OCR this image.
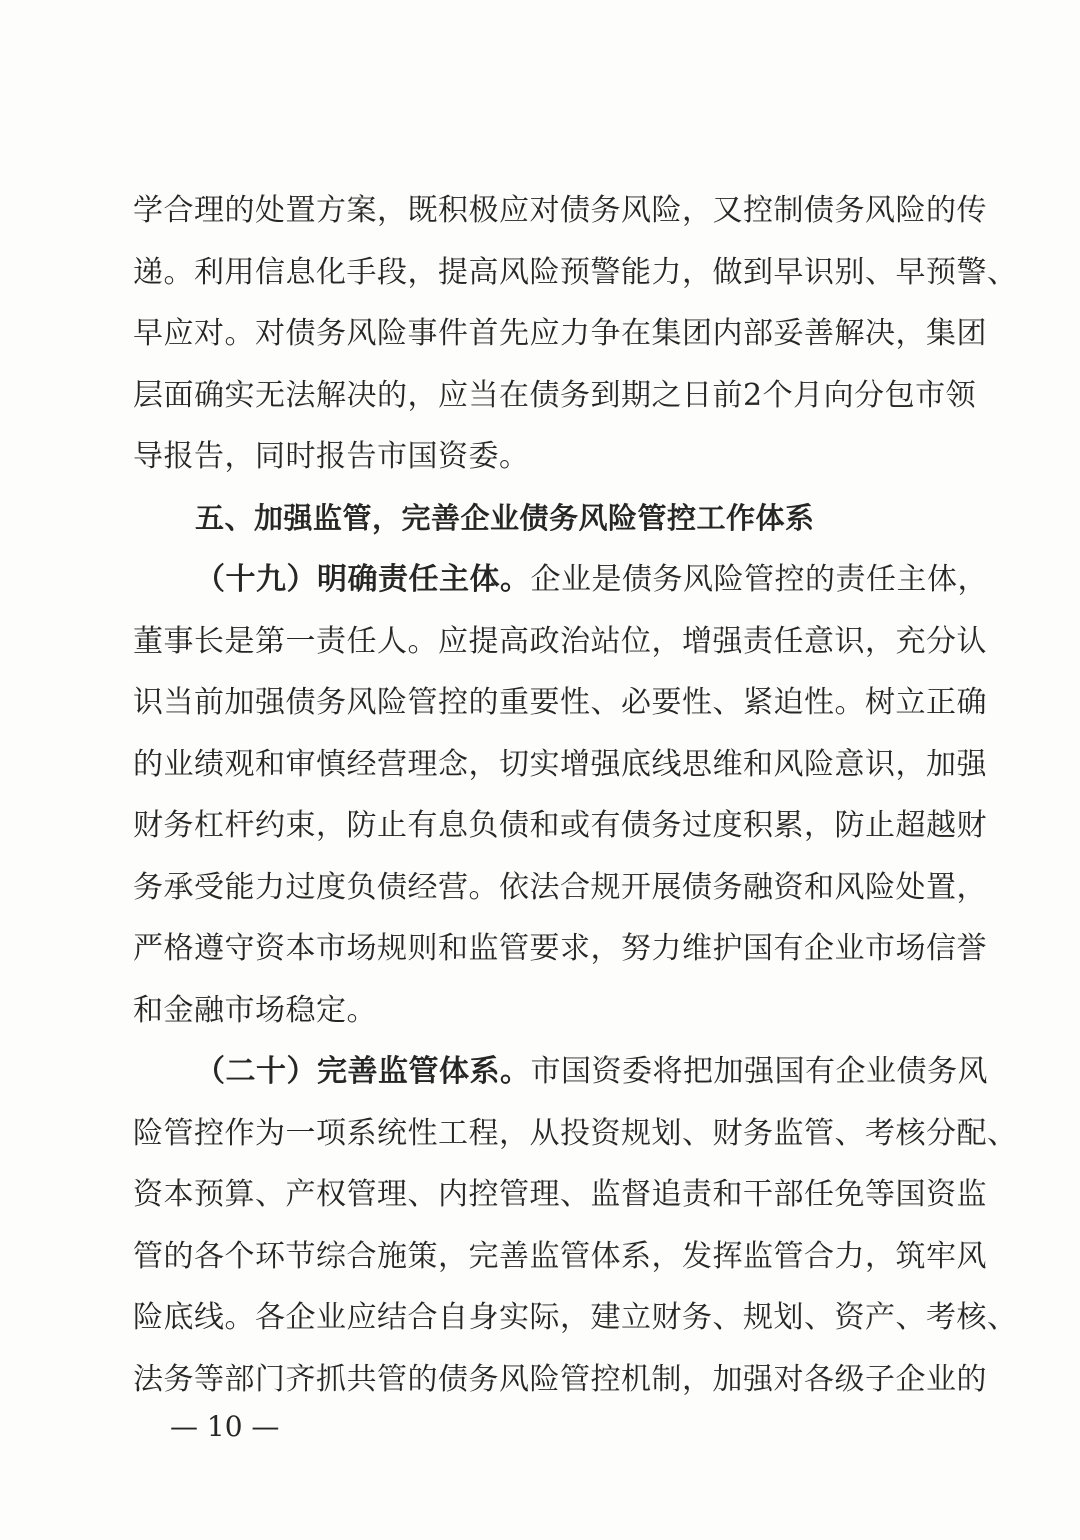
学合理的处置方案，既积极应对债务风险，又控制债务风险的传
递。利用信息化手段，提高风险预警能力，做到早识别、早预警、
早应对。对债务风险事件首先应力争在集团内部妥善解决，集团
层面确实无法解决的，应当在债务到期之日前2个月向分包市领
导报告，同时报告市国资委。
五、加强监管，完善企业债务风险管控工作体系
（十九）明确责任主体。企业是债务风险管控的责任主体，
董事长是第一责任人。应提高政治站位，增强责任意识，充分认
识当前加强债务风险管控的重要性、必要性、紧迫性。树立正确
的业绩观和审慎经营理念，切实增强底线思维和风险意识，加强
财务杠杆约束，防止有息负债和或有债务过度积累，防止超越财
务承受能力过度负债经营。依法合规开展债务融资和风险处置，
严格遵守资本市场规则和监管要求，努力维护国有企业市场信誉
和金融市场稳定。
（二十）完善监管体系。市国资委将把加强国有企业债务风
险管控作为一项系统性工程，从投资规划、财务监管、考核分配、
资本预算、产权管理、内控管理、监督追责和干部任免等国资监
管的各个环节综合施策，完善监管体系，发挥监管合力，筑牢风
险底线。各企业应结合自身实际，建立财务、规划、资产、考核、
法务等部门齐抓共管的债务风险管控机制，加强对各级子企业的
— 10 —
